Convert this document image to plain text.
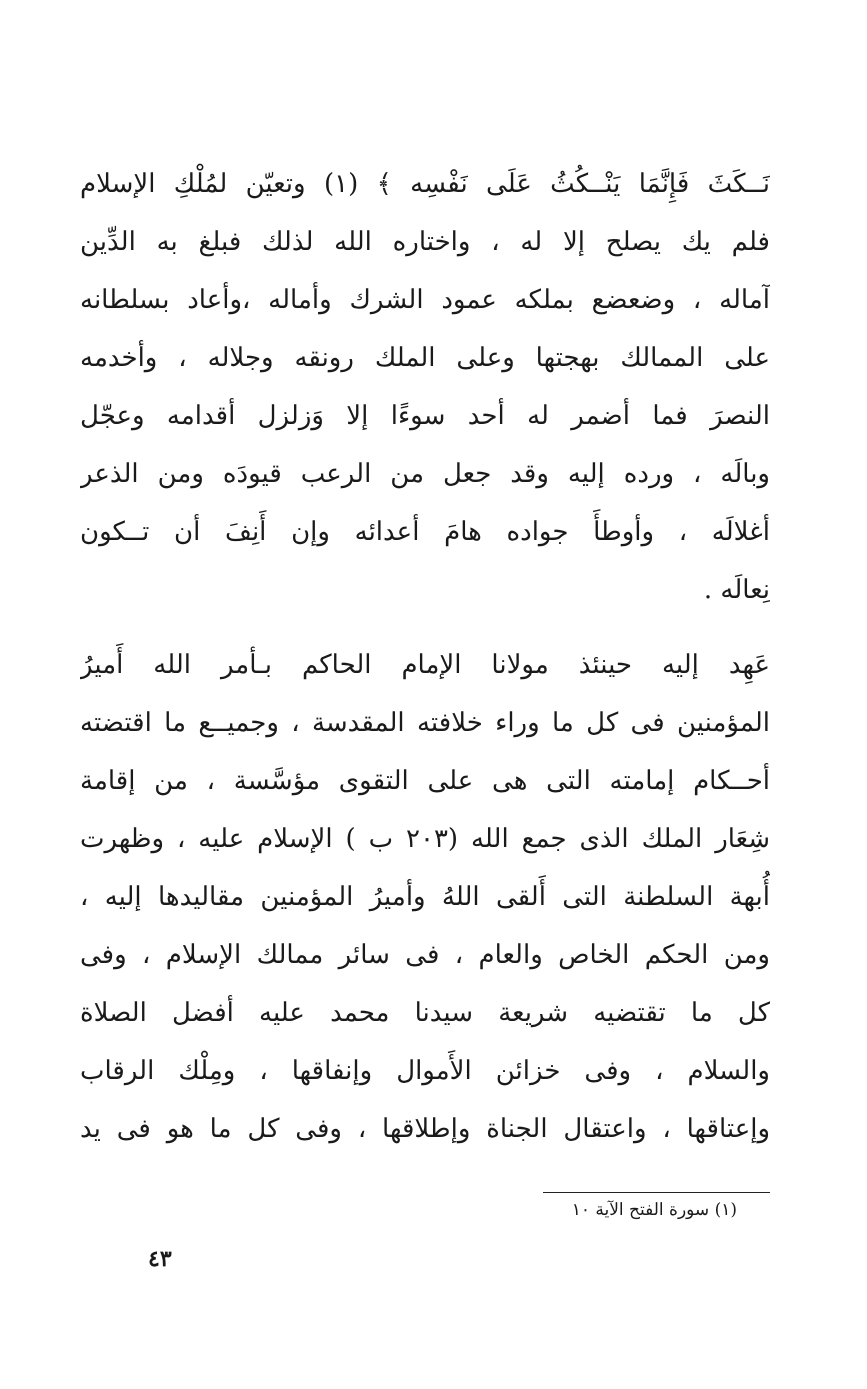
نَــكَثَ فَإِنَّمَا يَنْــكُثُ عَلَى نَفْسِه ﴾ (١) وتعيّن لمُلْكِ الإسلام
فلم يك يصلح إلا له ، واختاره الله لذلك فبلغ به الدِّين
آماله ، وضعضع بملكه عمود الشرك وأماله ،وأعاد بسلطانه
على الممالك بهجتها وعلى الملك رونقه وجلاله ، وأخدمه
النصرَ فما أضمر له أحد سوءًا إلا وَزلزل أقدامه وعجّل
وبالَه ، ورده إليه وقد جعل من الرعب قيودَه ومن الذعر
أغلالَه ، وأوطأَ جواده هامَ أعدائه وإن أَنِفَ أن تــكون
نِعالَه .
عَهِد إليه حينئذ مولانا الإمام الحاكم بـأمر الله أَميرُ
المؤمنين فى كل ما وراء خلافته المقدسة ، وجميــع ما اقتضته
أحــكام إمامته التى هى على التقوى مؤسَّسة ، من إقامة
شِعَار الملك الذى جمع الله (٢٠٣ ب ) الإسلام عليه ، وظهرت
أُبهة السلطنة التى أَلقى اللهُ وأميرُ المؤمنين مقاليدها إليه ،
ومن الحكم الخاص والعام ، فى سائر ممالك الإسلام ، وفى
كل ما تقتضيه شريعة سيدنا محمد عليه أفضل الصلاة
والسلام ، وفى خزائن الأَموال وإنفاقها ، ومِلْك الرقاب
وإعتاقها ، واعتقال الجناة وإطلاقها ، وفى كل ما هو فى يد
(١) سورة الفتح الآية ١٠
٤٣
